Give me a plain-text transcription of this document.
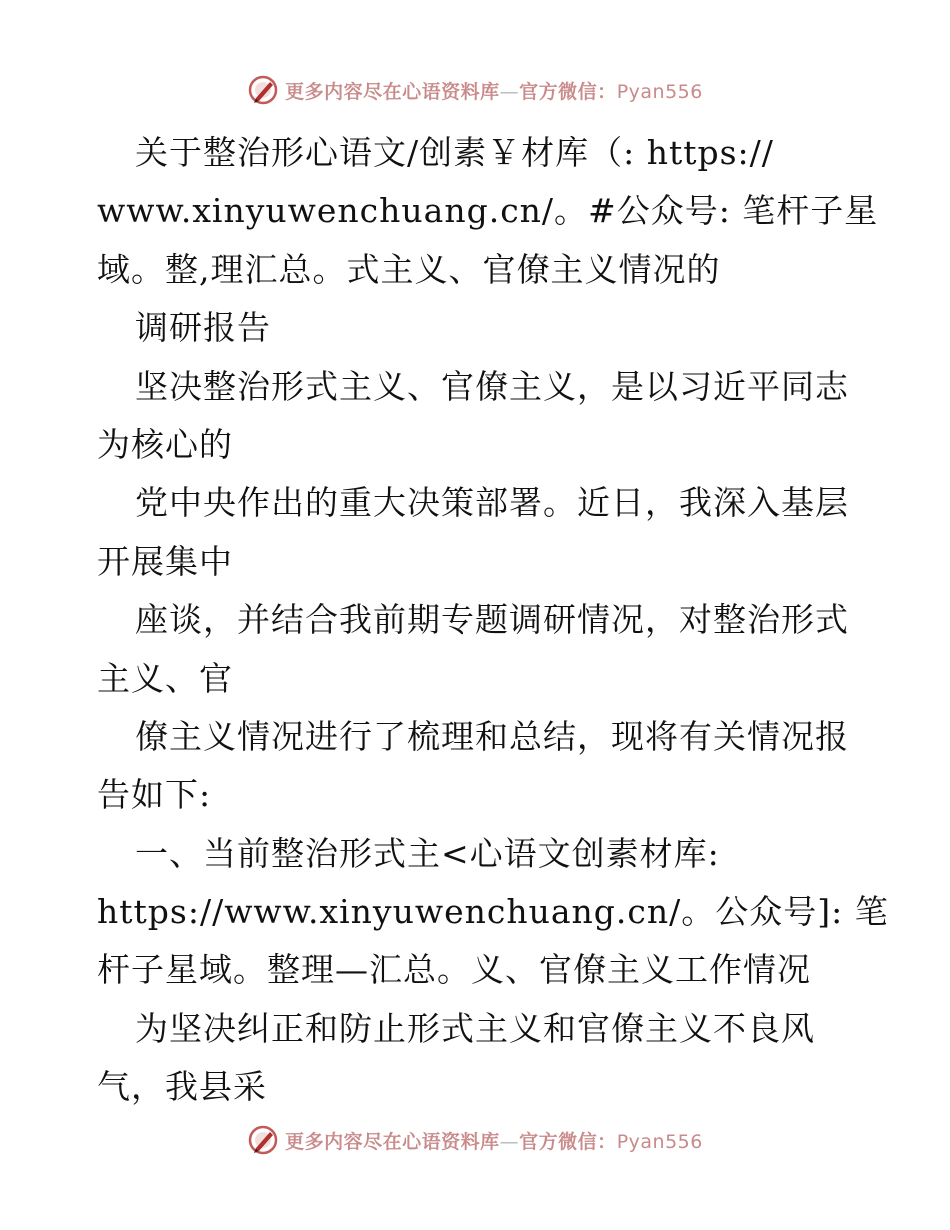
更多内容尽在心语资料库—官方微信：Pyan556
关于整治形心语文/创素￥材库（: https://
www.xinyuwenchuang.cn/。#公众号: 笔杆子星
域。整,理汇总。式主义、官僚主义情况的
调研报告
坚决整治形式主义、官僚主义，是以习近平同志
为核心的
党中央作出的重大决策部署。近日，我深入基层
开展集中
座谈，并结合我前期专题调研情况，对整治形式
主义、官
僚主义情况进行了梳理和总结，现将有关情况报
告如下:
一、当前整治形式主<心语文创素材库:
https://www.xinyuwenchuang.cn/。公众号]: 笔
杆子星域。整理—汇总。义、官僚主义工作情况
为坚决纠正和防止形式主义和官僚主义不良风
气，我县采
更多内容尽在心语资料库—官方微信：Pyan556
